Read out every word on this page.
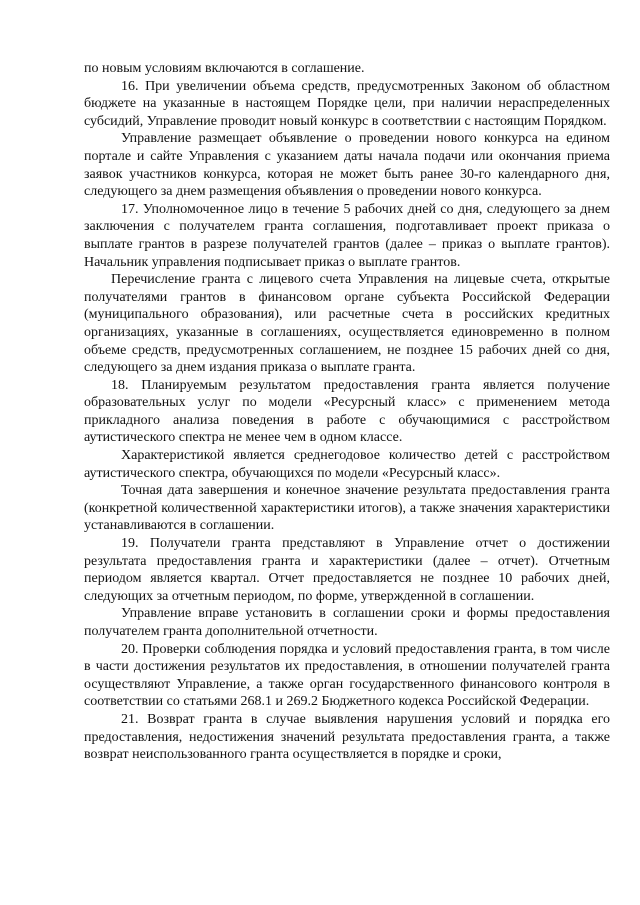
по новым условиям включаются в соглашение.

16. При увеличении объема средств, предусмотренных Законом об областном бюджете на указанные в настоящем Порядке цели, при наличии нераспределенных субсидий, Управление проводит новый конкурс в соответствии с настоящим Порядком.

Управление размещает объявление о проведении нового конкурса на едином портале и сайте Управления с указанием даты начала подачи или окончания приема заявок участников конкурса, которая не может быть ранее 30-го календарного дня, следующего за днем размещения объявления о проведении нового конкурса.

17. Уполномоченное лицо в течение 5 рабочих дней со дня, следующего за днем заключения с получателем гранта соглашения, подготавливает проект приказа о выплате грантов в разрезе получателей грантов (далее – приказ о выплате грантов). Начальник управления подписывает приказ о выплате грантов.

Перечисление гранта с лицевого счета Управления на лицевые счета, открытые получателями грантов в финансовом органе субъекта Российской Федерации (муниципального образования), или расчетные счета в российских кредитных организациях, указанные в соглашениях, осуществляется единовременно в полном объеме средств, предусмотренных соглашением, не позднее 15 рабочих дней со дня, следующего за днем издания приказа о выплате гранта.

18. Планируемым результатом предоставления гранта является получение образовательных услуг по модели «Ресурсный класс» с применением метода прикладного анализа поведения в работе с обучающимися с расстройством аутистического спектра не менее чем в одном классе.

Характеристикой является среднегодовое количество детей с расстройством аутистического спектра, обучающихся по модели «Ресурсный класс».

Точная дата завершения и конечное значение результата предоставления гранта (конкретной количественной характеристики итогов), а также значения характеристики устанавливаются в соглашении.

19. Получатели гранта представляют в Управление отчет о достижении результата предоставления гранта и характеристики (далее – отчет). Отчетным периодом является квартал. Отчет предоставляется не позднее 10 рабочих дней, следующих за отчетным периодом, по форме, утвержденной в соглашении.

Управление вправе установить в соглашении сроки и формы предоставления получателем гранта дополнительной отчетности.

20. Проверки соблюдения порядка и условий предоставления гранта, в том числе в части достижения результатов их предоставления, в отношении получателей гранта осуществляют Управление, а также орган государственного финансового контроля в соответствии со статьями 268.1 и 269.2 Бюджетного кодекса Российской Федерации.

21. Возврат гранта в случае выявления нарушения условий и порядка его предоставления, недостижения значений результата предоставления гранта, а также возврат неиспользованного гранта осуществляется в порядке и сроки,
